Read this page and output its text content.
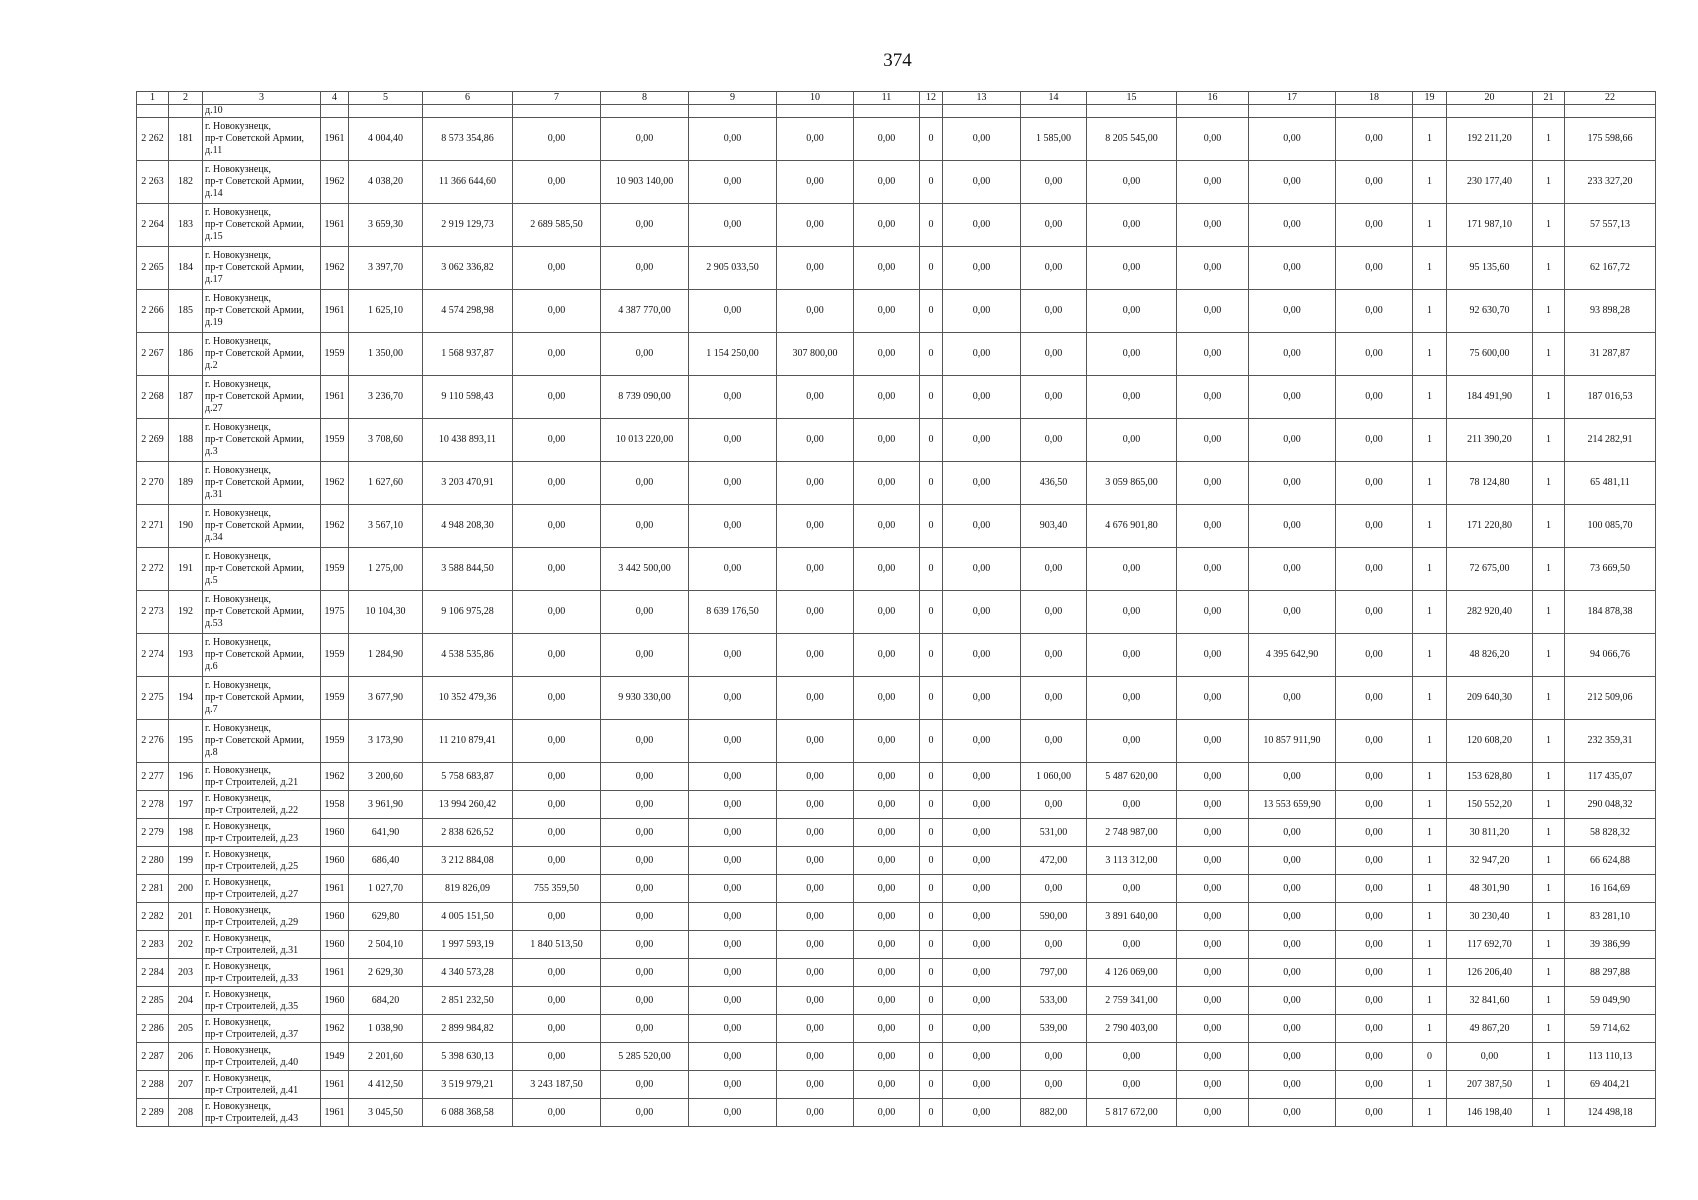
374
1	2	3	4	5	6	7	8	9	10	11	12	13	14	15	16	17	18	19	20	21	22
		д.10																			
2 262	181	г. Новокузнецк,
пр-т Советской Армии,
д.11	1961	4 004,40	8 573 354,86	0,00	0,00	0,00	0,00	0,00	0	0,00	1 585,00	8 205 545,00	0,00	0,00	0,00	1	192 211,20	1	175 598,66
2 263	182	г. Новокузнецк,
пр-т Советской Армии,
д.14	1962	4 038,20	11 366 644,60	0,00	10 903 140,00	0,00	0,00	0,00	0	0,00	0,00	0,00	0,00	0,00	0,00	1	230 177,40	1	233 327,20
2 264	183	г. Новокузнецк,
пр-т Советской Армии,
д.15	1961	3 659,30	2 919 129,73	2 689 585,50	0,00	0,00	0,00	0,00	0	0,00	0,00	0,00	0,00	0,00	0,00	1	171 987,10	1	57 557,13
2 265	184	г. Новокузнецк,
пр-т Советской Армии,
д.17	1962	3 397,70	3 062 336,82	0,00	0,00	2 905 033,50	0,00	0,00	0	0,00	0,00	0,00	0,00	0,00	0,00	1	95 135,60	1	62 167,72
2 266	185	г. Новокузнецк,
пр-т Советской Армии,
д.19	1961	1 625,10	4 574 298,98	0,00	4 387 770,00	0,00	0,00	0,00	0	0,00	0,00	0,00	0,00	0,00	0,00	1	92 630,70	1	93 898,28
2 267	186	г. Новокузнецк,
пр-т Советской Армии,
д.2	1959	1 350,00	1 568 937,87	0,00	0,00	1 154 250,00	307 800,00	0,00	0	0,00	0,00	0,00	0,00	0,00	0,00	1	75 600,00	1	31 287,87
2 268	187	г. Новокузнецк,
пр-т Советской Армии,
д.27	1961	3 236,70	9 110 598,43	0,00	8 739 090,00	0,00	0,00	0,00	0	0,00	0,00	0,00	0,00	0,00	0,00	1	184 491,90	1	187 016,53
2 269	188	г. Новокузнецк,
пр-т Советской Армии,
д.3	1959	3 708,60	10 438 893,11	0,00	10 013 220,00	0,00	0,00	0,00	0	0,00	0,00	0,00	0,00	0,00	0,00	1	211 390,20	1	214 282,91
2 270	189	г. Новокузнецк,
пр-т Советской Армии,
д.31	1962	1 627,60	3 203 470,91	0,00	0,00	0,00	0,00	0,00	0	0,00	436,50	3 059 865,00	0,00	0,00	0,00	1	78 124,80	1	65 481,11
2 271	190	г. Новокузнецк,
пр-т Советской Армии,
д.34	1962	3 567,10	4 948 208,30	0,00	0,00	0,00	0,00	0,00	0	0,00	903,40	4 676 901,80	0,00	0,00	0,00	1	171 220,80	1	100 085,70
2 272	191	г. Новокузнецк,
пр-т Советской Армии,
д.5	1959	1 275,00	3 588 844,50	0,00	3 442 500,00	0,00	0,00	0,00	0	0,00	0,00	0,00	0,00	0,00	0,00	1	72 675,00	1	73 669,50
2 273	192	г. Новокузнецк,
пр-т Советской Армии,
д.53	1975	10 104,30	9 106 975,28	0,00	0,00	8 639 176,50	0,00	0,00	0	0,00	0,00	0,00	0,00	0,00	0,00	1	282 920,40	1	184 878,38
2 274	193	г. Новокузнецк,
пр-т Советской Армии,
д.6	1959	1 284,90	4 538 535,86	0,00	0,00	0,00	0,00	0,00	0	0,00	0,00	0,00	0,00	4 395 642,90	0,00	1	48 826,20	1	94 066,76
2 275	194	г. Новокузнецк,
пр-т Советской Армии,
д.7	1959	3 677,90	10 352 479,36	0,00	9 930 330,00	0,00	0,00	0,00	0	0,00	0,00	0,00	0,00	0,00	0,00	1	209 640,30	1	212 509,06
2 276	195	г. Новокузнецк,
пр-т Советской Армии,
д.8	1959	3 173,90	11 210 879,41	0,00	0,00	0,00	0,00	0,00	0	0,00	0,00	0,00	0,00	10 857 911,90	0,00	1	120 608,20	1	232 359,31
2 277	196	г. Новокузнецк,
пр-т Строителей, д.21	1962	3 200,60	5 758 683,87	0,00	0,00	0,00	0,00	0,00	0	0,00	1 060,00	5 487 620,00	0,00	0,00	0,00	1	153 628,80	1	117 435,07
2 278	197	г. Новокузнецк,
пр-т Строителей, д.22	1958	3 961,90	13 994 260,42	0,00	0,00	0,00	0,00	0,00	0	0,00	0,00	0,00	0,00	13 553 659,90	0,00	1	150 552,20	1	290 048,32
2 279	198	г. Новокузнецк,
пр-т Строителей, д.23	1960	641,90	2 838 626,52	0,00	0,00	0,00	0,00	0,00	0	0,00	531,00	2 748 987,00	0,00	0,00	0,00	1	30 811,20	1	58 828,32
2 280	199	г. Новокузнецк,
пр-т Строителей, д.25	1960	686,40	3 212 884,08	0,00	0,00	0,00	0,00	0,00	0	0,00	472,00	3 113 312,00	0,00	0,00	0,00	1	32 947,20	1	66 624,88
2 281	200	г. Новокузнецк,
пр-т Строителей, д.27	1961	1 027,70	819 826,09	755 359,50	0,00	0,00	0,00	0,00	0	0,00	0,00	0,00	0,00	0,00	0,00	1	48 301,90	1	16 164,69
2 282	201	г. Новокузнецк,
пр-т Строителей, д.29	1960	629,80	4 005 151,50	0,00	0,00	0,00	0,00	0,00	0	0,00	590,00	3 891 640,00	0,00	0,00	0,00	1	30 230,40	1	83 281,10
2 283	202	г. Новокузнецк,
пр-т Строителей, д.31	1960	2 504,10	1 997 593,19	1 840 513,50	0,00	0,00	0,00	0,00	0	0,00	0,00	0,00	0,00	0,00	0,00	1	117 692,70	1	39 386,99
2 284	203	г. Новокузнецк,
пр-т Строителей, д.33	1961	2 629,30	4 340 573,28	0,00	0,00	0,00	0,00	0,00	0	0,00	797,00	4 126 069,00	0,00	0,00	0,00	1	126 206,40	1	88 297,88
2 285	204	г. Новокузнецк,
пр-т Строителей, д.35	1960	684,20	2 851 232,50	0,00	0,00	0,00	0,00	0,00	0	0,00	533,00	2 759 341,00	0,00	0,00	0,00	1	32 841,60	1	59 049,90
2 286	205	г. Новокузнецк,
пр-т Строителей, д.37	1962	1 038,90	2 899 984,82	0,00	0,00	0,00	0,00	0,00	0	0,00	539,00	2 790 403,00	0,00	0,00	0,00	1	49 867,20	1	59 714,62
2 287	206	г. Новокузнецк,
пр-т Строителей, д.40	1949	2 201,60	5 398 630,13	0,00	5 285 520,00	0,00	0,00	0,00	0	0,00	0,00	0,00	0,00	0,00	0,00	0	0,00	1	113 110,13
2 288	207	г. Новокузнецк,
пр-т Строителей, д.41	1961	4 412,50	3 519 979,21	3 243 187,50	0,00	0,00	0,00	0,00	0	0,00	0,00	0,00	0,00	0,00	0,00	1	207 387,50	1	69 404,21
2 289	208	г. Новокузнецк,
пр-т Строителей, д.43	1961	3 045,50	6 088 368,58	0,00	0,00	0,00	0,00	0,00	0	0,00	882,00	5 817 672,00	0,00	0,00	0,00	1	146 198,40	1	124 498,18
